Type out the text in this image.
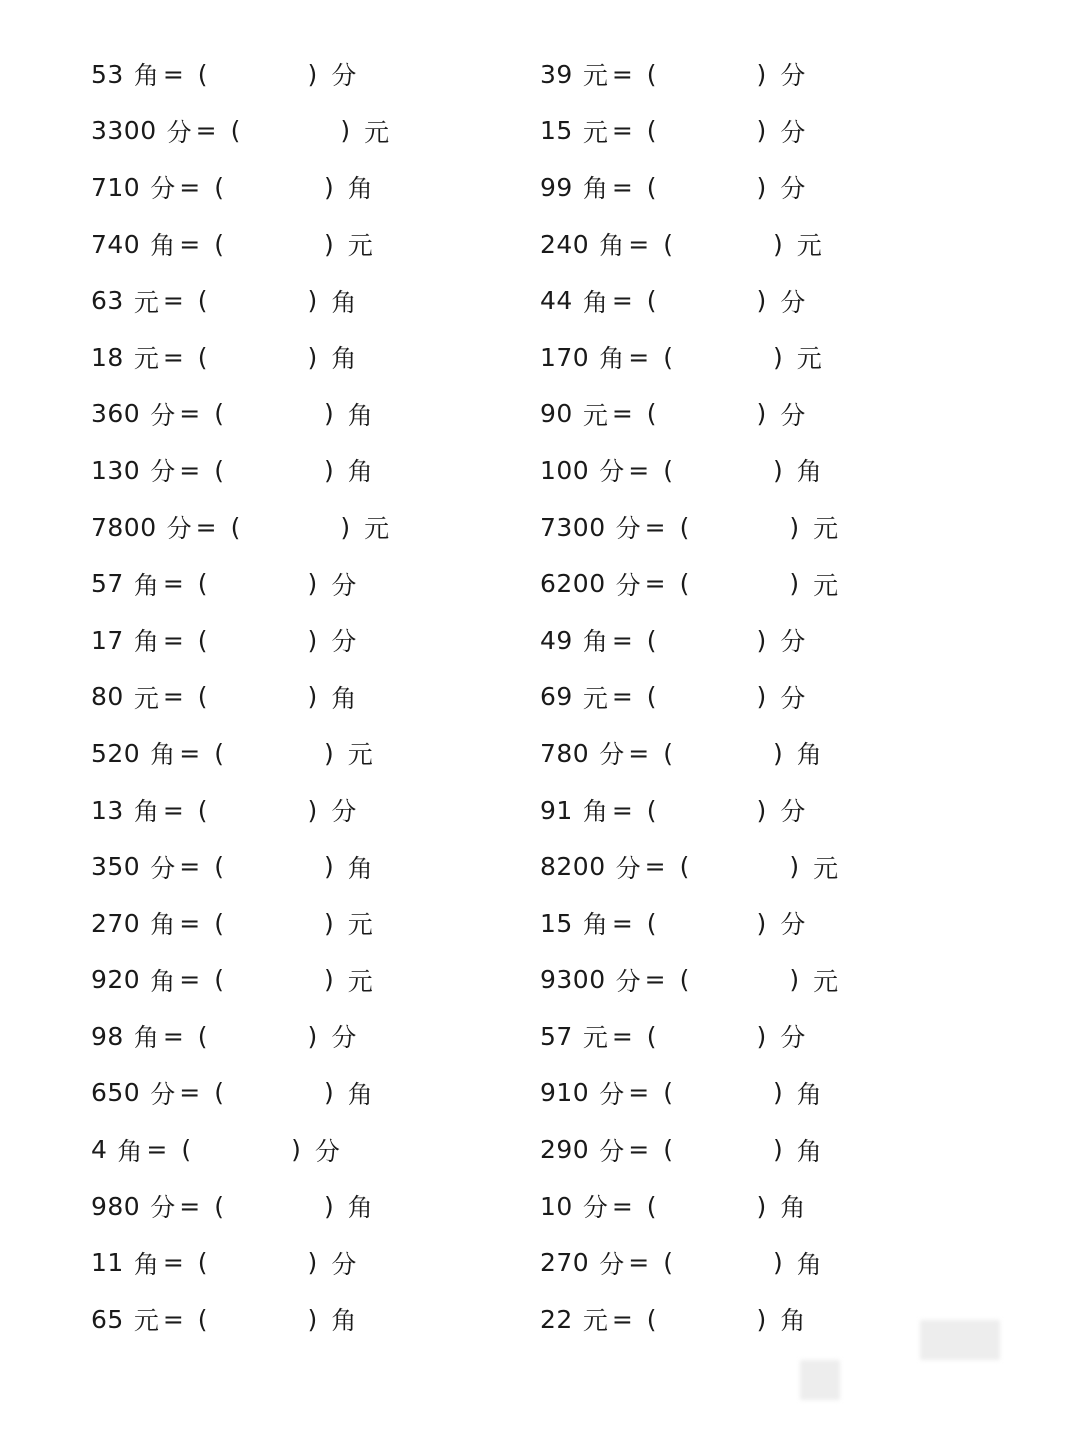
53 角 = (	) 分
3300 分 = (	) 元
710 分 = (	) 角
740 角 = (	) 元
63 元 = (	) 角
18 元 = (	) 角
360 分 = (	) 角
130 分 = (	) 角
7800 分 = (	) 元
57 角 = (	) 分
17 角 = (	) 分
80 元 = (	) 角
520 角 = (	) 元
13 角 = (	) 分
350 分 = (	) 角
270 角 = (	) 元
920 角 = (	) 元
98 角 = (	) 分
650 分 = (	) 角
4 角 = (	) 分
980 分 = (	) 角
11 角 = (	) 分
65 元 = (	) 角
39 元 = (	) 分
15 元 = (	) 分
99 角 = (	) 分
240 角 = (	) 元
44 角 = (	) 分
170 角 = (	) 元
90 元 = (	) 分
100 分 = (	) 角
7300 分 = (	) 元
6200 分 = (	) 元
49 角 = (	) 分
69 元 = (	) 分
780 分 = (	) 角
91 角 = (	) 分
8200 分 = (	) 元
15 角 = (	) 分
9300 分 = (	) 元
57 元 = (	) 分
910 分 = (	) 角
290 分 = (	) 角
10 分 = (	) 角
270 分 = (	) 角
22 元 = (	) 角
